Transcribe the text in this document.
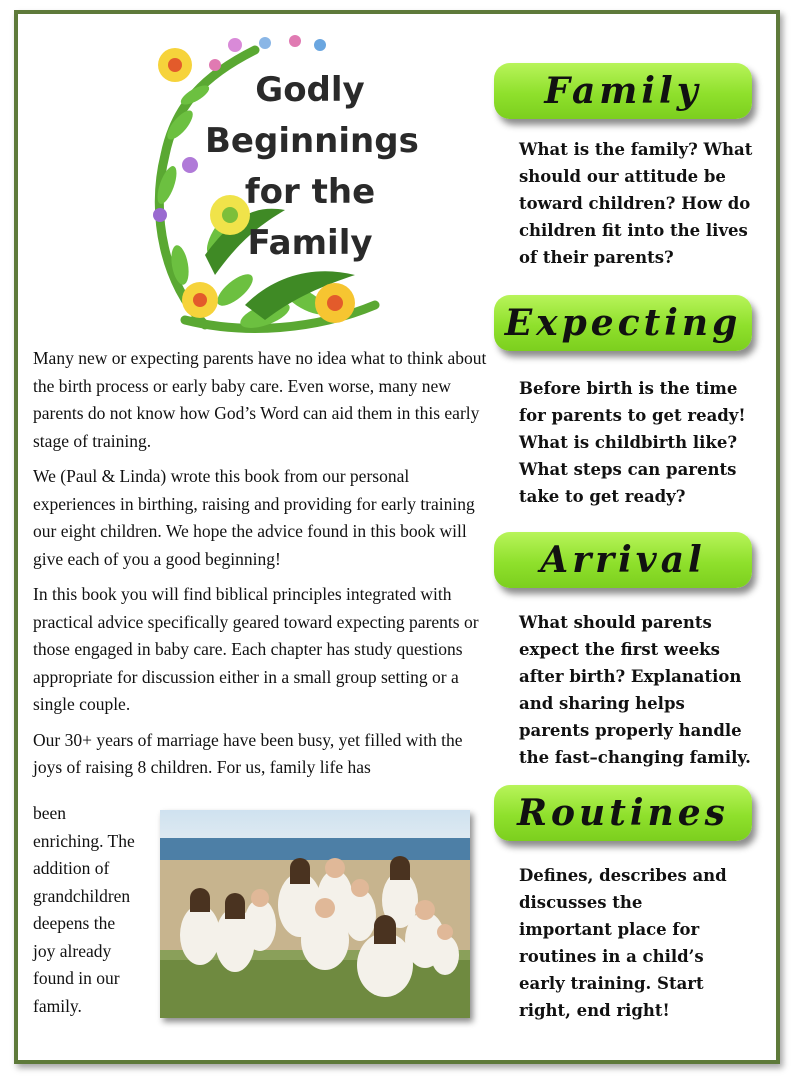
Godly
Beginnings
for the
Family

Many new or expecting parents have no idea what to think about the birth process or early baby care. Even worse, many new parents do not know how God’s Word can aid them in this early stage of training.

We (Paul & Linda) wrote this book from our personal experiences in birthing, raising and providing for early training our eight children. We hope the advice found in this book will give each of you a good beginning!

In this book you will find biblical principles integrated with practical advice specifically geared toward expecting parents or those engaged in baby care. Each chapter has study questions appropriate for discussion either in a small group setting or a single couple.

Our 30+ years of marriage have been busy, yet filled with the joys of raising 8 children. For us, family life has

been
enriching. The
addition of
grandchildren
deepens the
joy already
found in our
family.
Family
What is the family? What
should our attitude be
toward children? How do
children fit into the lives
of their parents?
Expecting
Before birth is the time
for parents to get ready!
What is childbirth like?
What steps can parents
take to get ready?
Arrival
What should parents
expect the first weeks
after birth? Explanation
and sharing helps
parents properly handle
the fast–changing family.
Routines
Defines, describes and
discusses the
important place for
routines in a child’s
early training. Start
right, end right!
